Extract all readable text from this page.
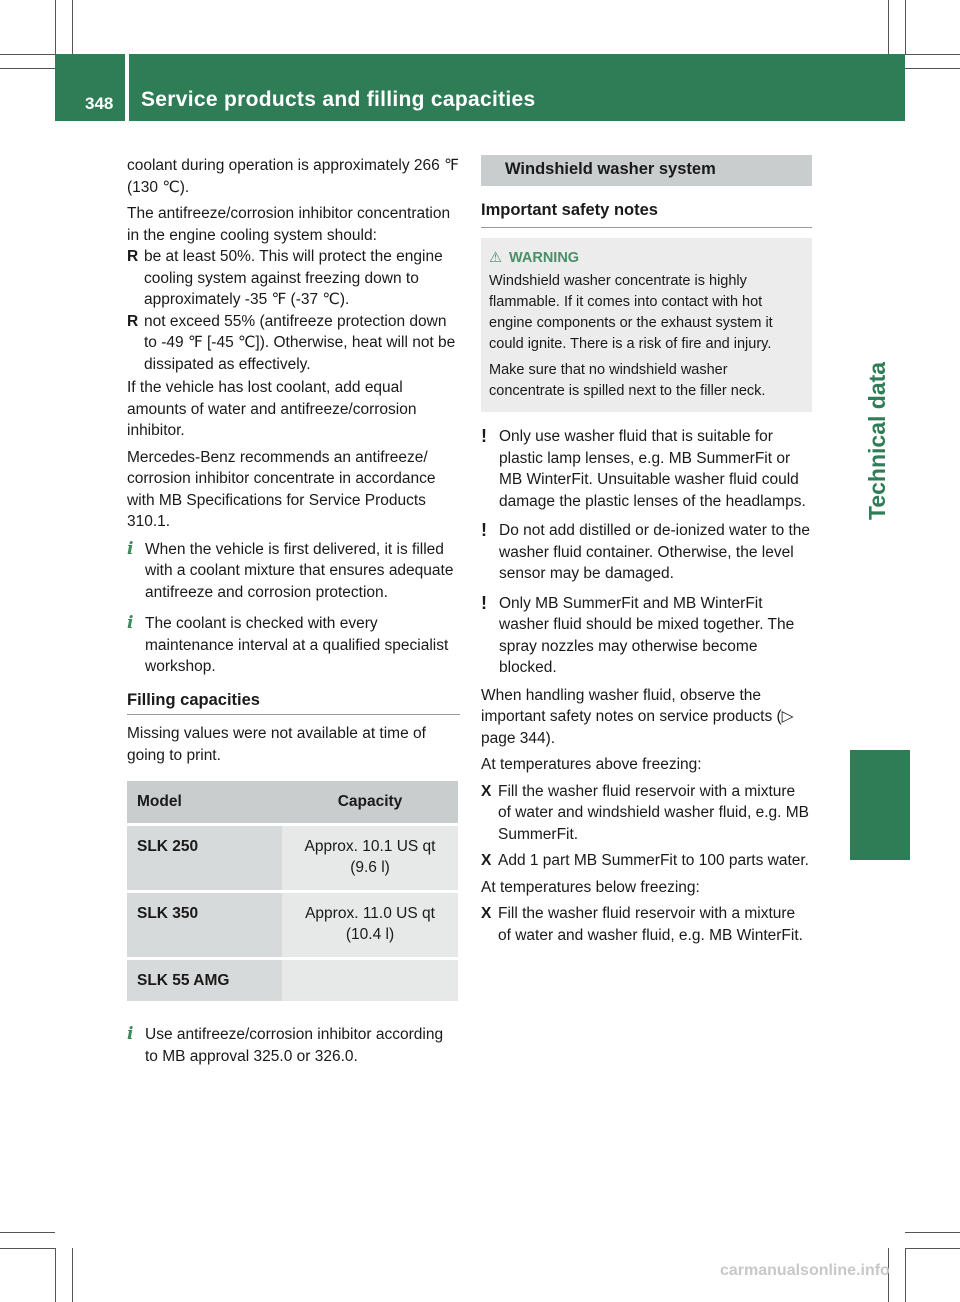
348 Service products and filling capacities
Technical data

coolant during operation is approximately 266 ℉ (130 ℃).

The antifreeze/corrosion inhibitor concentration in the engine cooling system should:

R be at least 50%. This will protect the engine cooling system against freezing down to approximately -35 ℉ (-37 ℃).
R not exceed 55% (antifreeze protection down to -49 ℉ [-45 ℃]). Otherwise, heat will not be dissipated as effectively.

If the vehicle has lost coolant, add equal amounts of water and antifreeze/corrosion inhibitor.

Mercedes-Benz recommends an antifreeze/ corrosion inhibitor concentrate in accordance with MB Specifications for Service Products 310.1.

i When the vehicle is first delivered, it is filled with a coolant mixture that ensures adequate antifreeze and corrosion protection.
i The coolant is checked with every maintenance interval at a qualified specialist workshop.
Filling capacities

Missing values were not available at time of going to print.

Model	Capacity
SLK 250	Approx. 10.1 US qt (9.6 l)
SLK 350	Approx. 11.0 US qt (10.4 l)
SLK 55 AMG	
i Use antifreeze/corrosion inhibitor according to MB approval 325.0 or 326.0.
Windshield washer system
Important safety notes
⚠ WARNING

Windshield washer concentrate is highly flammable. If it comes into contact with hot engine components or the exhaust system it could ignite. There is a risk of fire and injury.

Make sure that no windshield washer concentrate is spilled next to the filler neck.

! Only use washer fluid that is suitable for plastic lamp lenses, e.g. MB SummerFit or MB WinterFit. Unsuitable washer fluid could damage the plastic lenses of the headlamps.
! Do not add distilled or de-ionized water to the washer fluid container. Otherwise, the level sensor may be damaged.
! Only MB SummerFit and MB WinterFit washer fluid should be mixed together. The spray nozzles may otherwise become blocked.

When handling washer fluid, observe the important safety notes on service products (▷ page 344).

At temperatures above freezing:

X Fill the washer fluid reservoir with a mixture of water and windshield washer fluid, e.g. MB SummerFit.
X Add 1 part MB SummerFit to 100 parts water.

At temperatures below freezing:

X Fill the washer fluid reservoir with a mixture of water and washer fluid, e.g. MB WinterFit.
carmanualsonline.info
